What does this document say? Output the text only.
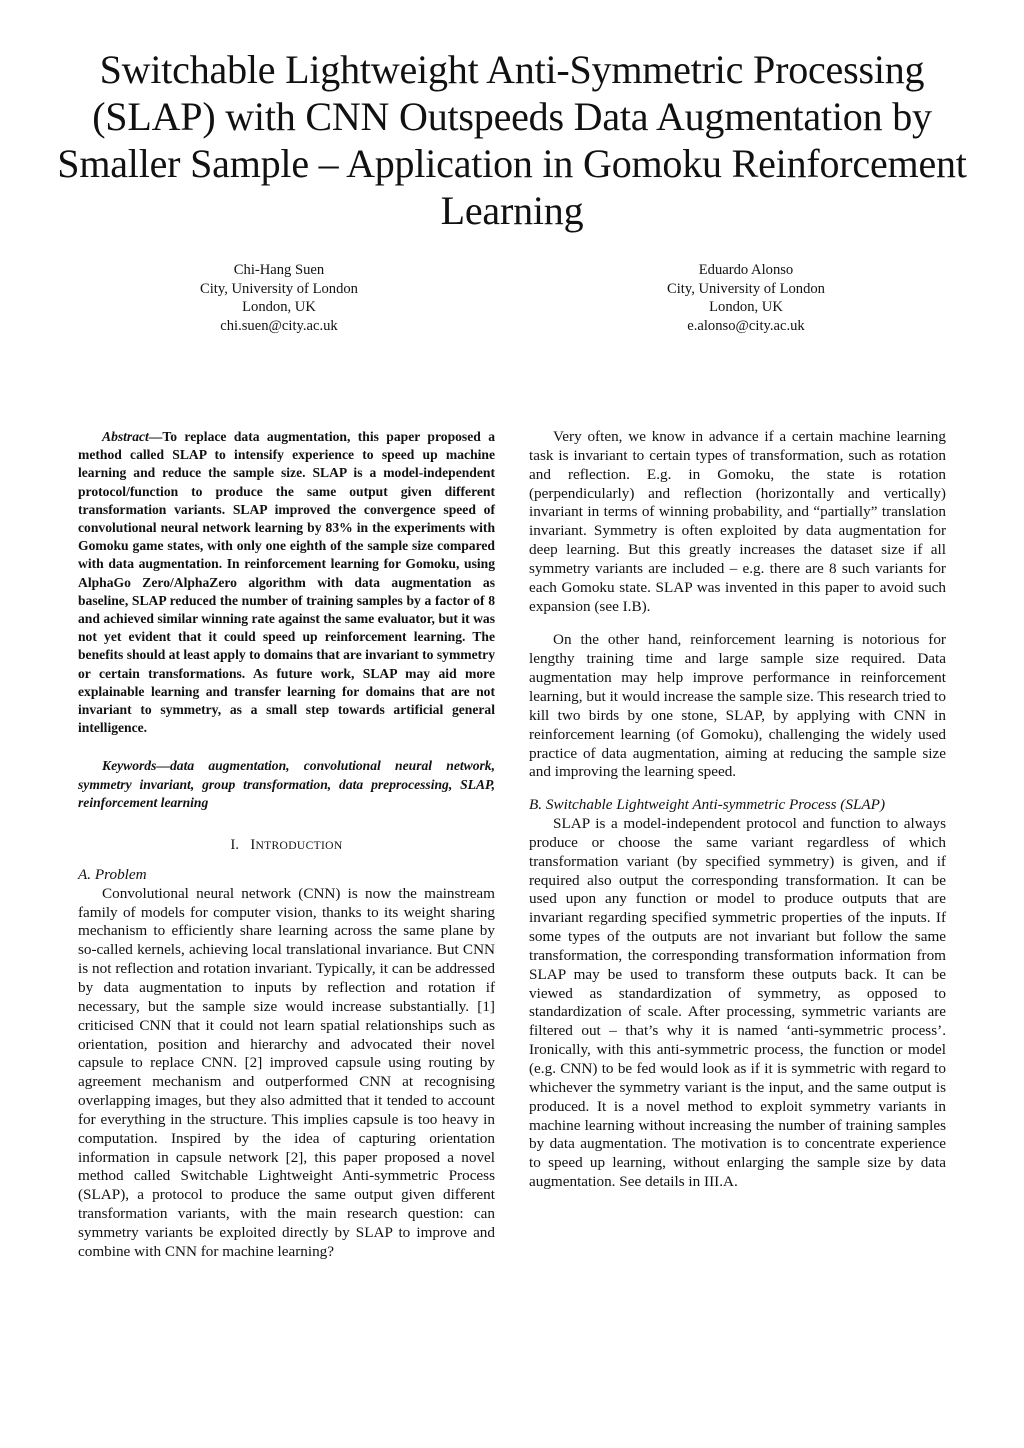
Switchable Lightweight Anti-Symmetric Processing (SLAP) with CNN Outspeeds Data Augmentation by Smaller Sample – Application in Gomoku Reinforcement Learning
Chi-Hang Suen
City, University of London
London, UK
chi.suen@city.ac.uk
Eduardo Alonso
City, University of London
London, UK
e.alonso@city.ac.uk

Abstract—To replace data augmentation, this paper proposed a method called SLAP to intensify experience to speed up machine learning and reduce the sample size. SLAP is a model-independent protocol/function to produce the same output given different transformation variants. SLAP improved the convergence speed of convolutional neural network learning by 83% in the experiments with Gomoku game states, with only one eighth of the sample size compared with data augmentation. In reinforcement learning for Gomoku, using AlphaGo Zero/AlphaZero algorithm with data augmentation as baseline, SLAP reduced the number of training samples by a factor of 8 and achieved similar winning rate against the same evaluator, but it was not yet evident that it could speed up reinforcement learning. The benefits should at least apply to domains that are invariant to symmetry or certain transformations. As future work, SLAP may aid more explainable learning and transfer learning for domains that are not invariant to symmetry, as a small step towards artificial general intelligence.

Keywords—data augmentation, convolutional neural network, symmetry invariant, group transformation, data preprocessing, SLAP, reinforcement learning

I. INTRODUCTION

A. Problem

Convolutional neural network (CNN) is now the mainstream family of models for computer vision, thanks to its weight sharing mechanism to efficiently share learning across the same plane by so-called kernels, achieving local translational invariance. But CNN is not reflection and rotation invariant. Typically, it can be addressed by data augmentation to inputs by reflection and rotation if necessary, but the sample size would increase substantially. [1] criticised CNN that it could not learn spatial relationships such as orientation, position and hierarchy and advocated their novel capsule to replace CNN. [2] improved capsule using routing by agreement mechanism and outperformed CNN at recognising overlapping images, but they also admitted that it tended to account for everything in the structure. This implies capsule is too heavy in computation. Inspired by the idea of capturing orientation information in capsule network [2], this paper proposed a novel method called Switchable Lightweight Anti-symmetric Process (SLAP), a protocol to produce the same output given different transformation variants, with the main research question: can symmetry variants be exploited directly by SLAP to improve and combine with CNN for machine learning?

Very often, we know in advance if a certain machine learning task is invariant to certain types of transformation, such as rotation and reflection. E.g. in Gomoku, the state is rotation (perpendicularly) and reflection (horizontally and vertically) invariant in terms of winning probability, and “partially” translation invariant. Symmetry is often exploited by data augmentation for deep learning. But this greatly increases the dataset size if all symmetry variants are included – e.g. there are 8 such variants for each Gomoku state. SLAP was invented in this paper to avoid such expansion (see I.B).

On the other hand, reinforcement learning is notorious for lengthy training time and large sample size required. Data augmentation may help improve performance in reinforcement learning, but it would increase the sample size. This research tried to kill two birds by one stone, SLAP, by applying with CNN in reinforcement learning (of Gomoku), challenging the widely used practice of data augmentation, aiming at reducing the sample size and improving the learning speed.

B. Switchable Lightweight Anti-symmetric Process (SLAP)

SLAP is a model-independent protocol and function to always produce or choose the same variant regardless of which transformation variant (by specified symmetry) is given, and if required also output the corresponding transformation. It can be used upon any function or model to produce outputs that are invariant regarding specified symmetric properties of the inputs. If some types of the outputs are not invariant but follow the same transformation, the corresponding transformation information from SLAP may be used to transform these outputs back. It can be viewed as standardization of symmetry, as opposed to standardization of scale. After processing, symmetric variants are filtered out – that’s why it is named ‘anti-symmetric process’. Ironically, with this anti-symmetric process, the function or model (e.g. CNN) to be fed would look as if it is symmetric with regard to whichever the symmetry variant is the input, and the same output is produced. It is a novel method to exploit symmetry variants in machine learning without increasing the number of training samples by data augmentation. The motivation is to concentrate experience to speed up learning, without enlarging the sample size by data augmentation. See details in III.A.
